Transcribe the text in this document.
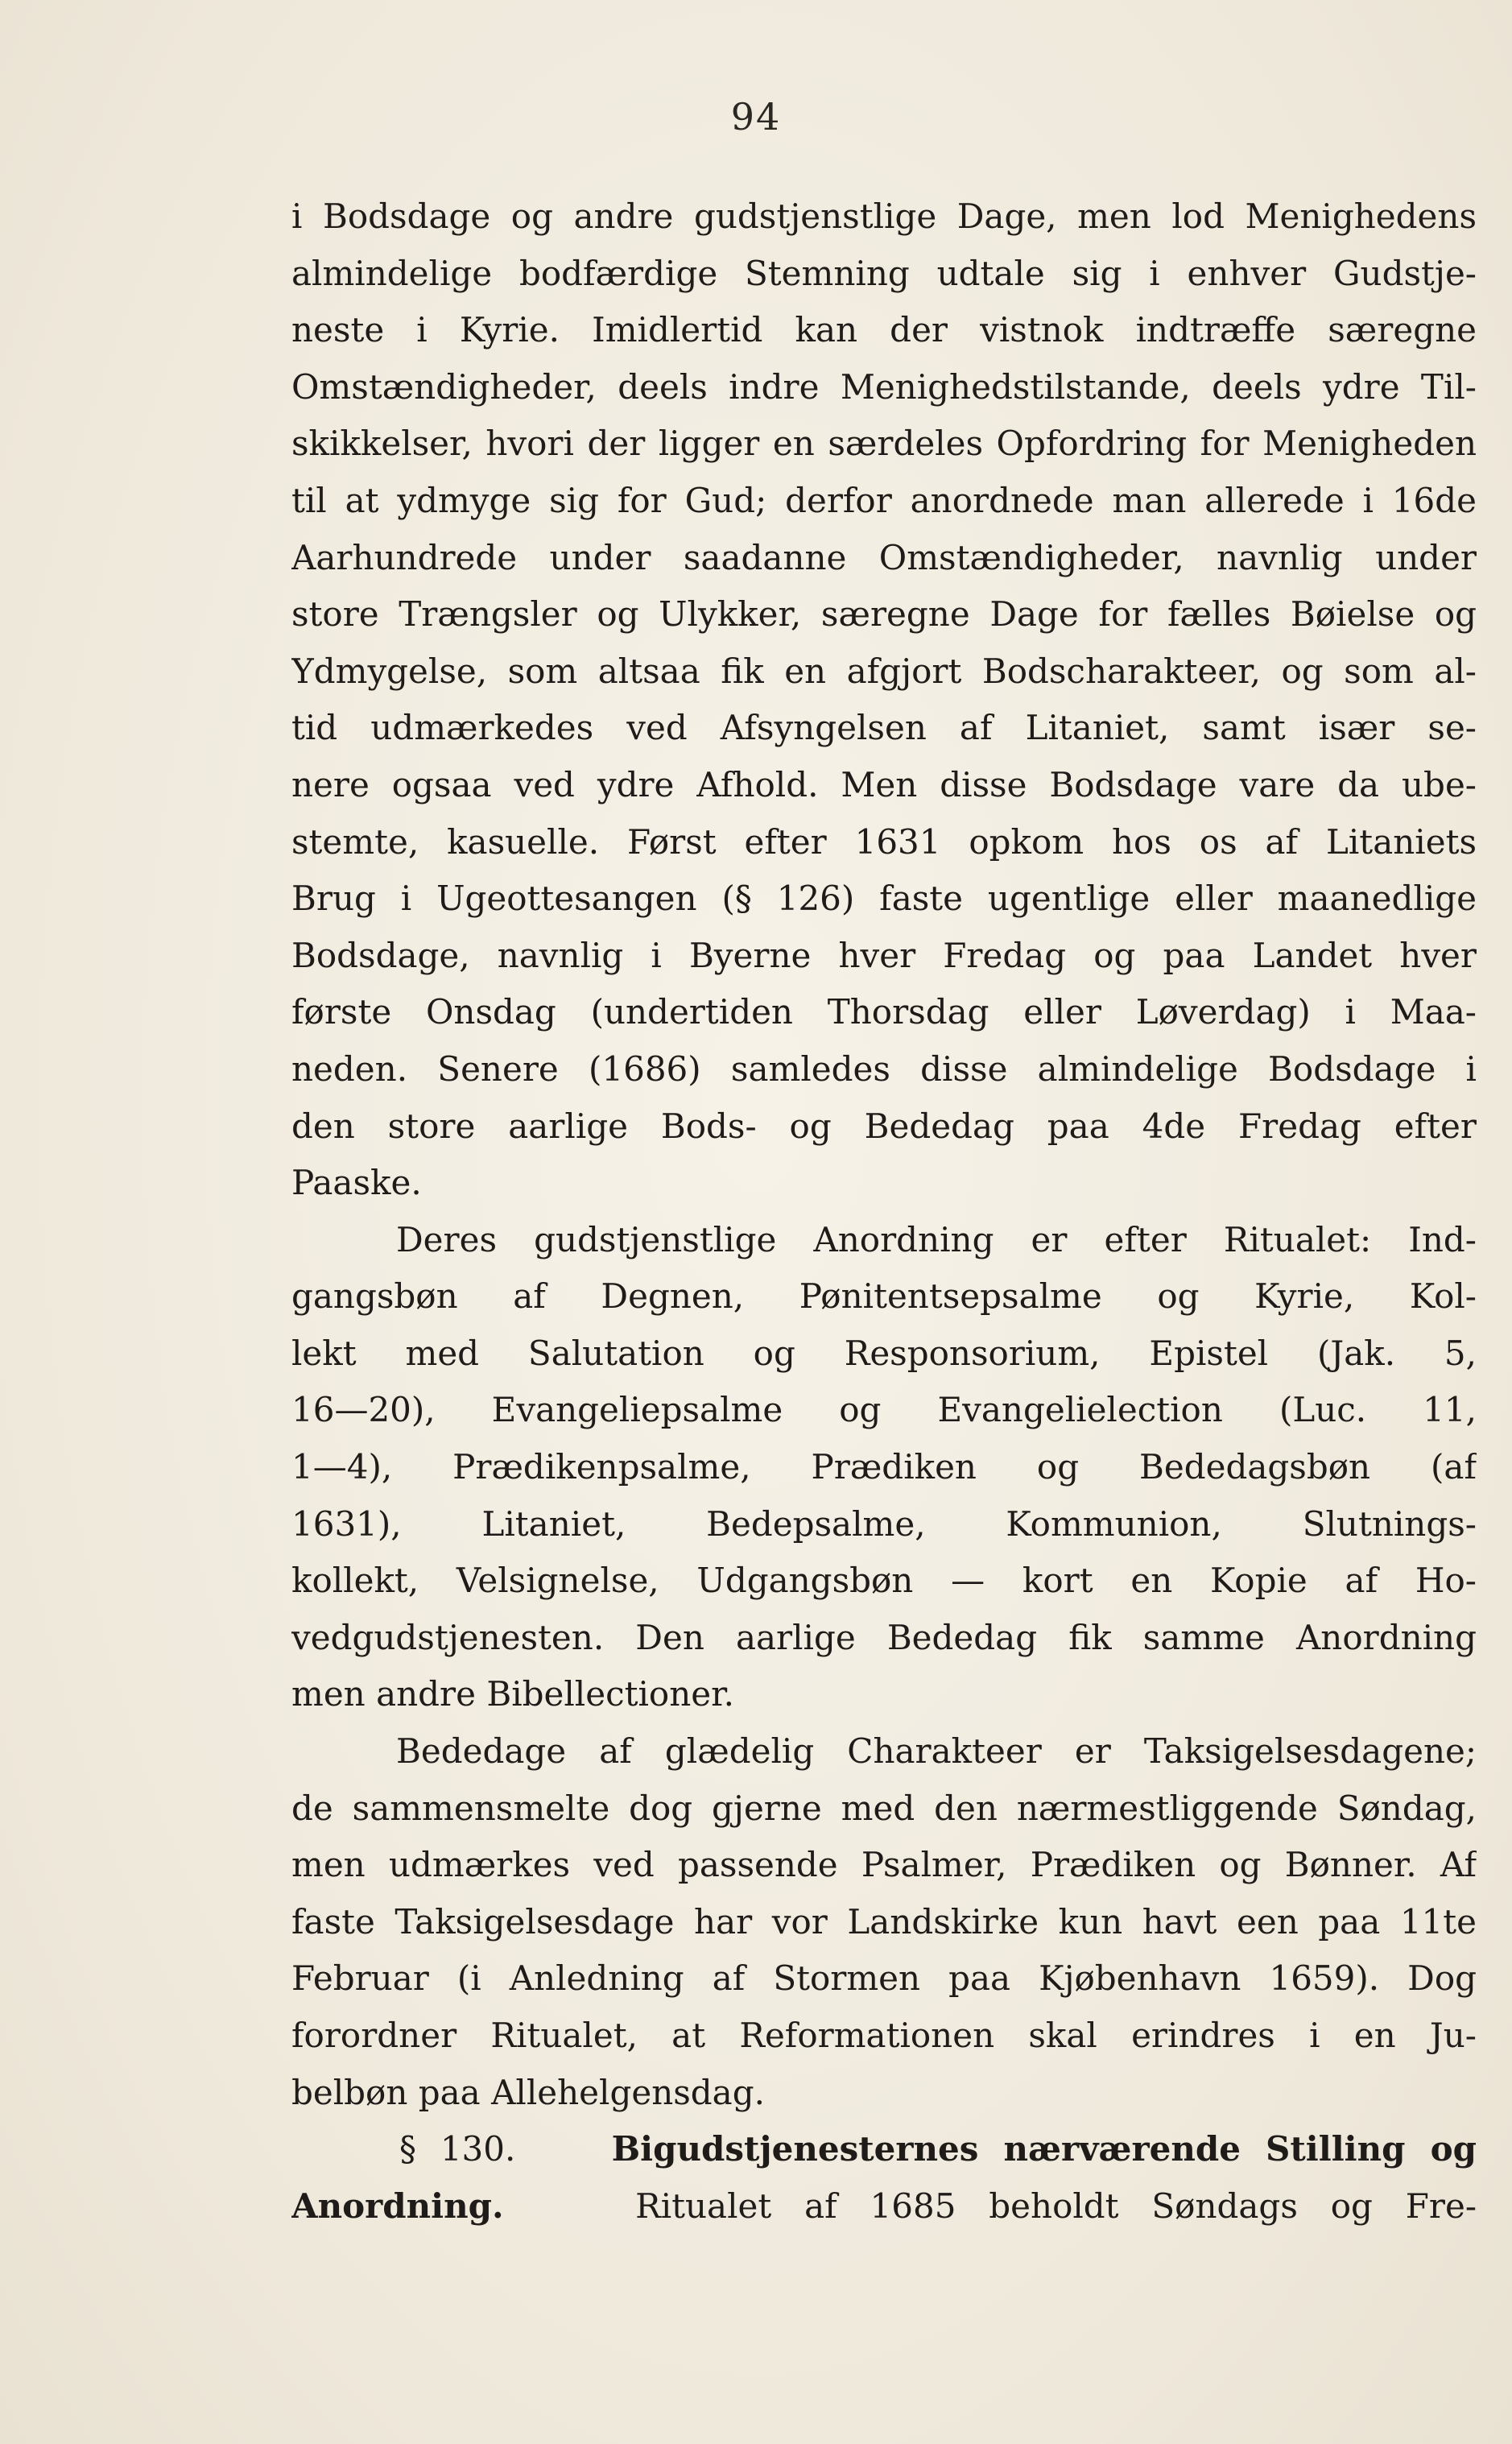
94
i Bodsdage og andre gudstjenstlige Dage, men lod Menighedens
almindelige bodfærdige Stemning udtale sig i enhver Gudstje-
neste i Kyrie. Imidlertid kan der vistnok indtræffe særegne
Omstændigheder, deels indre Menighedstilstande, deels ydre Til-
skikkelser, hvori der ligger en særdeles Opfordring for Menigheden
til at ydmyge sig for Gud; derfor anordnede man allerede i 16de
Aarhundrede under saadanne Omstændigheder, navnlig under
store Trængsler og Ulykker, særegne Dage for fælles Bøielse og
Ydmygelse, som altsaa fik en afgjort Bodscharakteer, og som al-
tid udmærkedes ved Afsyngelsen af Litaniet, samt især se-
nere ogsaa ved ydre Afhold. Men disse Bodsdage vare da ube-
stemte, kasuelle. Først efter 1631 opkom hos os af Litaniets
Brug i Ugeottesangen (§ 126) faste ugentlige eller maanedlige
Bodsdage, navnlig i Byerne hver Fredag og paa Landet hver
første Onsdag (undertiden Thorsdag eller Løverdag) i Maa-
neden. Senere (1686) samledes disse almindelige Bodsdage i
den store aarlige Bods- og Bededag paa 4de Fredag efter
Paaske.
Deres gudstjenstlige Anordning er efter Ritualet: Ind-
gangsbøn af Degnen, Pønitentsepsalme og Kyrie, Kol-
lekt med Salutation og Responsorium, Epistel (Jak. 5,
16—20), Evangeliepsalme og Evangelielection (Luc. 11,
1—4), Prædikenpsalme, Prædiken og Bededagsbøn (af
1631), Litaniet, Bedepsalme, Kommunion, Slutnings-
kollekt, Velsignelse, Udgangsbøn — kort en Kopie af Ho-
vedgudstjenesten. Den aarlige Bededag fik samme Anordning
men andre Bibellectioner.
Bededage af glædelig Charakteer er Taksigelsesdagene;
de sammensmelte dog gjerne med den nærmestliggende Søndag,
men udmærkes ved passende Psalmer, Prædiken og Bønner. Af
faste Taksigelsesdage har vor Landskirke kun havt een paa 11te
Februar (i Anledning af Stormen paa Kjøbenhavn 1659). Dog
forordner Ritualet, at Reformationen skal erindres i en Ju-
belbøn paa Allehelgensdag.
§ 130.	Bigudstjenesternes nærværende Stilling og
Anordning.	Ritualet af 1685 beholdt Søndags og Fre-
